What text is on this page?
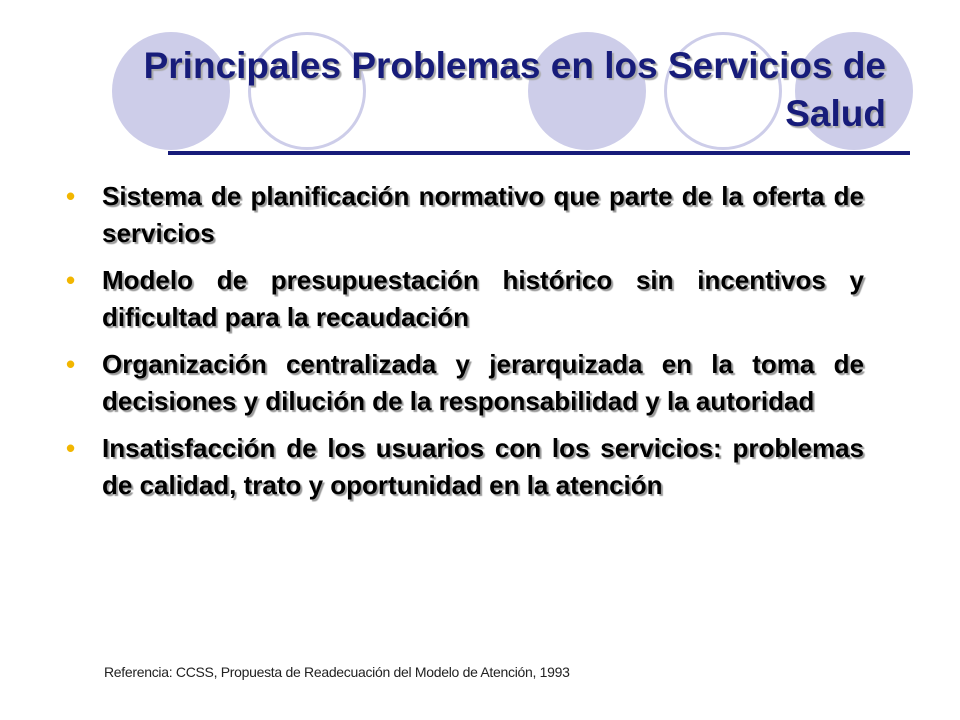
Principales Problemas en los Servicios de Salud
• Sistema de planificación normativo que parte de la oferta de servicios
• Modelo de presupuestación histórico sin incentivos y dificultad para la recaudación
• Organización centralizada y jerarquizada en la toma de decisiones y dilución de la responsabilidad y la autoridad
• Insatisfacción de los usuarios con los servicios: problemas de calidad, trato y oportunidad en la atención

Referencia: CCSS, Propuesta de Readecuación del Modelo de Atención, 1993
